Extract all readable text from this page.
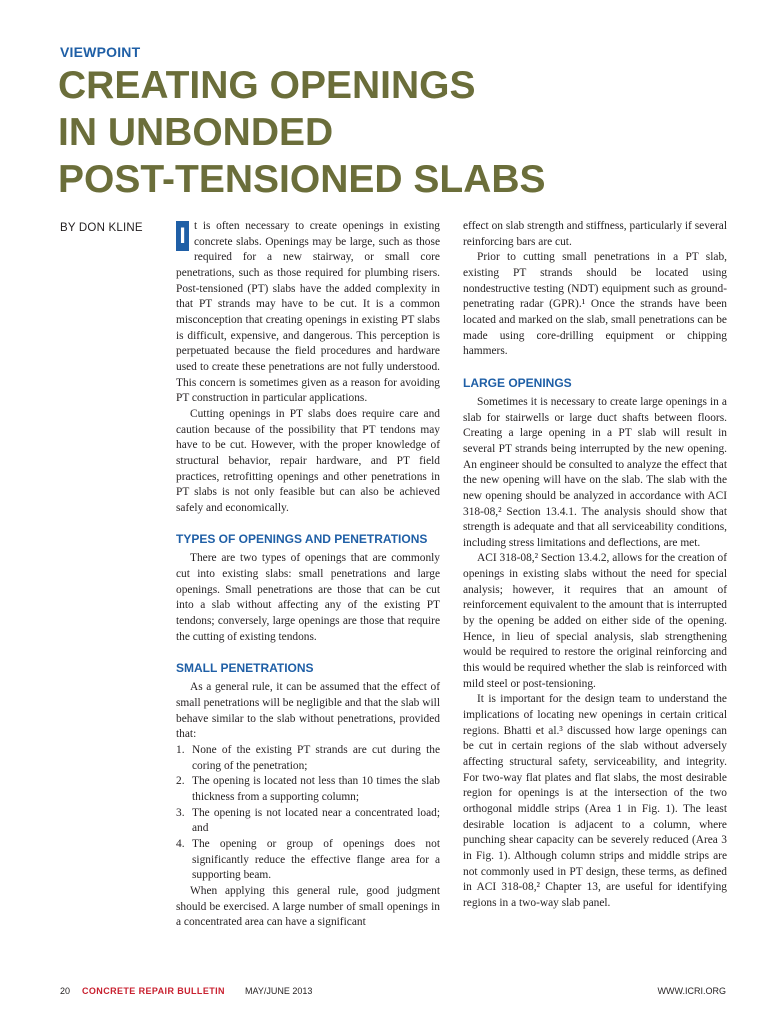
VIEWPOINT
CREATING OPENINGS
IN UNBONDED
POST-TENSIONED SLABS
BY DON KLINE I t is often necessary to create openings in existing concrete slabs. Openings may be large, such as those required for a new stairway, or small core penetrations, such as those required for plumbing risers. Post-tensioned (PT) slabs have the added complexity in that PT strands may have to be cut. It is a common misconception that creating openings in existing PT slabs is difficult, expensive, and dangerous. This perception is perpetuated because the field procedures and hardware used to create these penetrations are not fully understood. This concern is sometimes given as a reason for avoiding PT construction in particular applications.

Cutting openings in PT slabs does require care and caution because of the possibility that PT tendons may have to be cut. However, with the proper knowledge of structural behavior, repair hardware, and PT field practices, retrofitting openings and other penetrations in PT slabs is not only feasible but can also be achieved safely and economically.

TYPES OF OPENINGS AND PENETRATIONS

There are two types of openings that are commonly cut into existing slabs: small penetrations and large openings. Small penetrations are those that can be cut into a slab without affecting any of the existing PT tendons; conversely, large openings are those that require the cutting of existing tendons.

SMALL PENETRATIONS

As a general rule, it can be assumed that the effect of small penetrations will be negligible and that the slab will behave similar to the slab without penetrations, provided that:

1. None of the existing PT strands are cut during the coring of the penetration;
2. The opening is located not less than 10 times the slab thickness from a supporting column;
3. The opening is not located near a concentrated load; and
4. The opening or group of openings does not significantly reduce the effective flange area for a supporting beam.

When applying this general rule, good judgment should be exercised. A large number of small openings in a concentrated area can have a significant

effect on slab strength and stiffness, particularly if several reinforcing bars are cut.

Prior to cutting small penetrations in a PT slab, existing PT strands should be located using nondestructive testing (NDT) equipment such as ground-penetrating radar (GPR).¹ Once the strands have been located and marked on the slab, small penetrations can be made using core-drilling equipment or chipping hammers.

LARGE OPENINGS

Sometimes it is necessary to create large openings in a slab for stairwells or large duct shafts between floors. Creating a large opening in a PT slab will result in several PT strands being interrupted by the new opening. An engineer should be consulted to analyze the effect that the new opening will have on the slab. The slab with the new opening should be analyzed in accordance with ACI 318-08,² Section 13.4.1. The analysis should show that strength is adequate and that all serviceability conditions, including stress limitations and deflections, are met.

ACI 318-08,² Section 13.4.2, allows for the creation of openings in existing slabs without the need for special analysis; however, it requires that an amount of reinforcement equivalent to the amount that is interrupted by the opening be added on either side of the opening. Hence, in lieu of special analysis, slab strengthening would be required to restore the original reinforcing and this would be required whether the slab is reinforced with mild steel or post-tensioning.

It is important for the design team to understand the implications of locating new openings in certain critical regions. Bhatti et al.³ discussed how large openings can be cut in certain regions of the slab without adversely affecting structural safety, serviceability, and integrity. For two-way flat plates and flat slabs, the most desirable region for openings is at the intersection of the two orthogonal middle strips (Area 1 in Fig. 1). The least desirable location is adjacent to a column, where punching shear capacity can be severely reduced (Area 3 in Fig. 1). Although column strips and middle strips are not commonly used in PT design, these terms, as defined in ACI 318-08,² Chapter 13, are useful for identifying regions in a two-way slab panel.

20 CONCRETE REPAIR BULLETIN MAY/JUNE 2013	WWW.ICRI.ORG
